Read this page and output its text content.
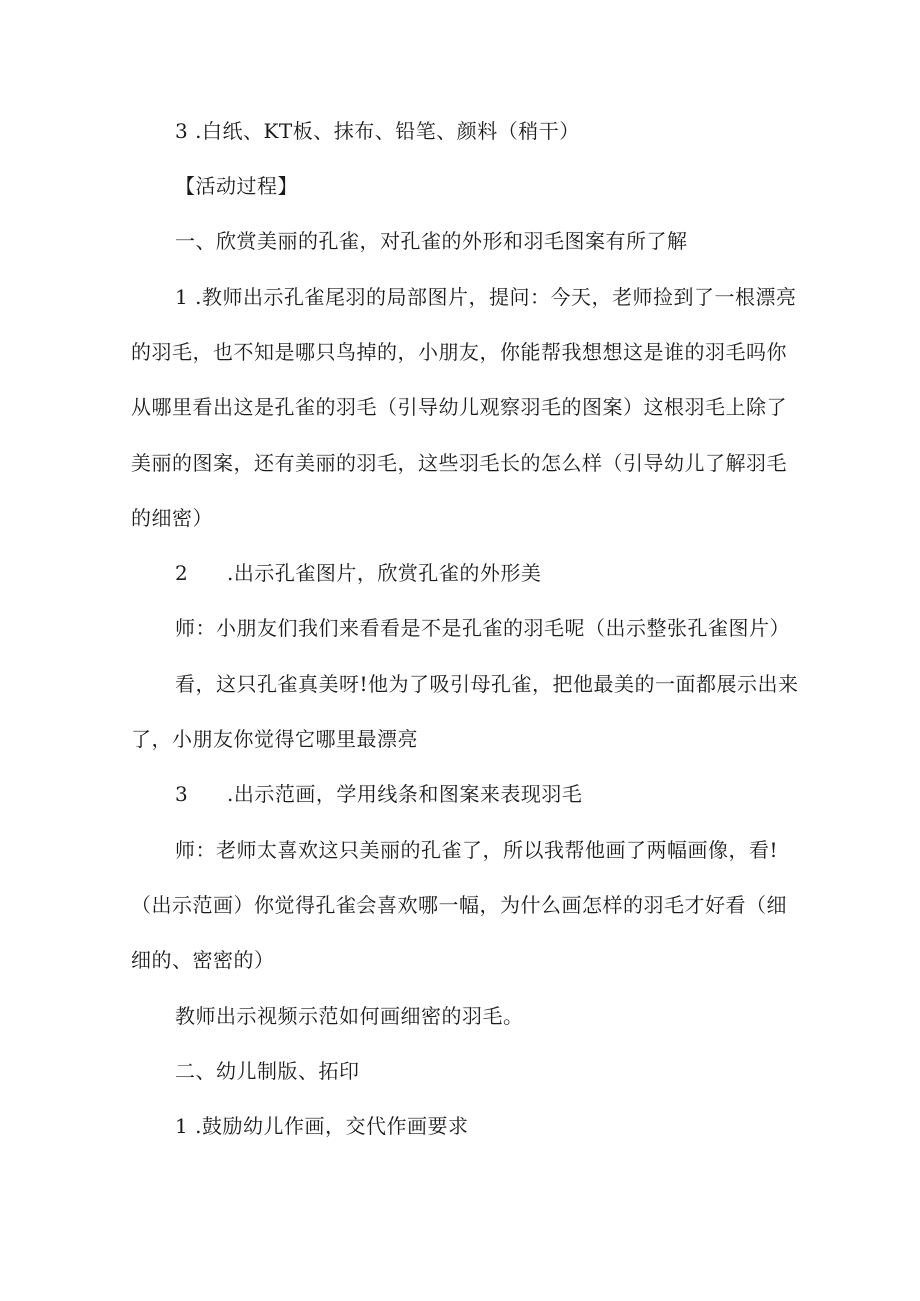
3 .白纸、KT板、抹布、铅笔、颜料（稍干）

【活动过程】

一、欣赏美丽的孔雀，对孔雀的外形和羽毛图案有所了解

1 .教师出示孔雀尾羽的局部图片，提问：今天，老师捡到了一根漂亮

的羽毛，也不知是哪只鸟掉的，小朋友，你能帮我想想这是谁的羽毛吗你

从哪里看出这是孔雀的羽毛（引导幼儿观察羽毛的图案）这根羽毛上除了

美丽的图案，还有美丽的羽毛，这些羽毛长的怎么样（引导幼儿了解羽毛

的细密）

2 .出示孔雀图片，欣赏孔雀的外形美

师：小朋友们我们来看看是不是孔雀的羽毛呢（出示整张孔雀图片）

看，这只孔雀真美呀!他为了吸引母孔雀，把他最美的一面都展示出来

了，小朋友你觉得它哪里最漂亮

3 .出示范画，学用线条和图案来表现羽毛

师：老师太喜欢这只美丽的孔雀了，所以我帮他画了两幅画像，看!

（出示范画）你觉得孔雀会喜欢哪一幅，为什么画怎样的羽毛才好看（细

细的、密密的）

教师出示视频示范如何画细密的羽毛。

二、幼儿制版、拓印

1 .鼓励幼儿作画，交代作画要求
